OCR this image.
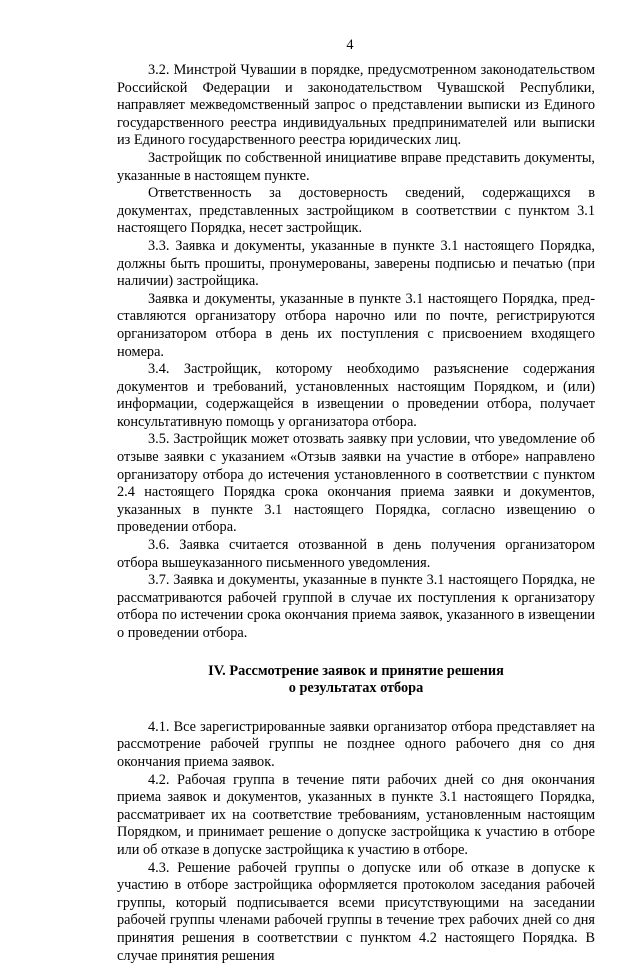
4

3.2. Минстрой Чувашии в порядке, предусмотренном законодательством Российской Федерации и законодательством Чувашской Республики, направляет межведомственный запрос о представлении выписки из Единого государственного реестра индивидуальных предпринимателей или выписки из Единого государственного реестра юридических лиц.

Застройщик по собственной инициативе вправе представить документы, указанные в настоящем пункте.

Ответственность за достоверность сведений, содержащихся в документах, представленных застройщиком в соответствии с пунктом 3.1 настоящего Порядка, несет застройщик.

3.3. Заявка и документы, указанные в пункте 3.1 настоящего Порядка, должны быть прошиты, пронумерованы, заверены подписью и печатью (при наличии) застройщика.

Заявка и документы, указанные в пункте 3.1 настоящего Порядка, представляются организатору отбора нарочно или по почте, регистрируются организатором отбора в день их поступления с присвоением входящего номера.

3.4. Застройщик, которому необходимо разъяснение содержания документов и требований, установленных настоящим Порядком, и (или) информации, содержащейся в извещении о проведении отбора, получает консультативную помощь у организатора отбора.

3.5. Застройщик может отозвать заявку при условии, что уведомление об отзыве заявки с указанием «Отзыв заявки на участие в отборе» направлено организатору отбора до истечения установленного в соответствии с пунктом 2.4 настоящего Порядка срока окончания приема заявки и документов, указанных в пункте 3.1 настоящего Порядка, согласно извещению о проведении отбора.

3.6. Заявка считается отозванной в день получения организатором отбора вышеуказанного письменного уведомления.

3.7. Заявка и документы, указанные в пункте 3.1 настоящего Порядка, не рассматриваются рабочей группой в случае их поступления к организатору отбора по истечении срока окончания приема заявок, указанного в извещении о проведении отбора.

IV. Рассмотрение заявок и принятие решения
о результатах отбора

4.1. Все зарегистрированные заявки организатор отбора представляет на рассмотрение рабочей группы не позднее одного рабочего дня со дня окончания приема заявок.

4.2. Рабочая группа в течение пяти рабочих дней со дня окончания приема заявок и документов, указанных в пункте 3.1 настоящего Порядка, рассматривает их на соответствие требованиям, установленным настоящим Порядком, и принимает решение о допуске застройщика к участию в отборе или об отказе в допуске застройщика к участию в отборе.

4.3. Решение рабочей группы о допуске или об отказе в допуске к участию в отборе застройщика оформляется протоколом заседания рабочей группы, который подписывается всеми присутствующими на заседании рабочей группы членами рабочей группы в течение трех рабочих дней со дня принятия решения в соответствии с пунктом 4.2 настоящего Порядка. В случае принятия решения
